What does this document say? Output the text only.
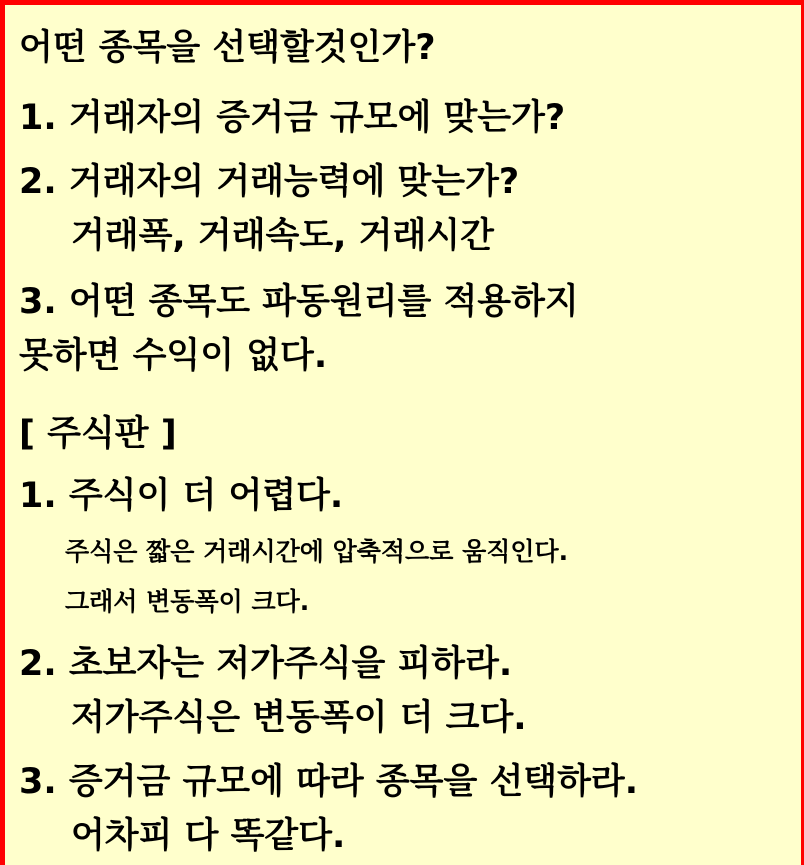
어떤 종목을 선택할것인가?
1. 거래자의 증거금 규모에 맞는가?
2. 거래자의 거래능력에 맞는가?
거래폭, 거래속도, 거래시간
3. 어떤 종목도 파동원리를 적용하지
못하면 수익이 없다.
[ 주식판 ]
1. 주식이 더 어렵다.
주식은 짧은 거래시간에 압축적으로 움직인다.
그래서 변동폭이 크다.
2. 초보자는 저가주식을 피하라.
저가주식은 변동폭이 더 크다.
3. 증거금 규모에 따라 종목을 선택하라.
어차피 다 똑같다.
